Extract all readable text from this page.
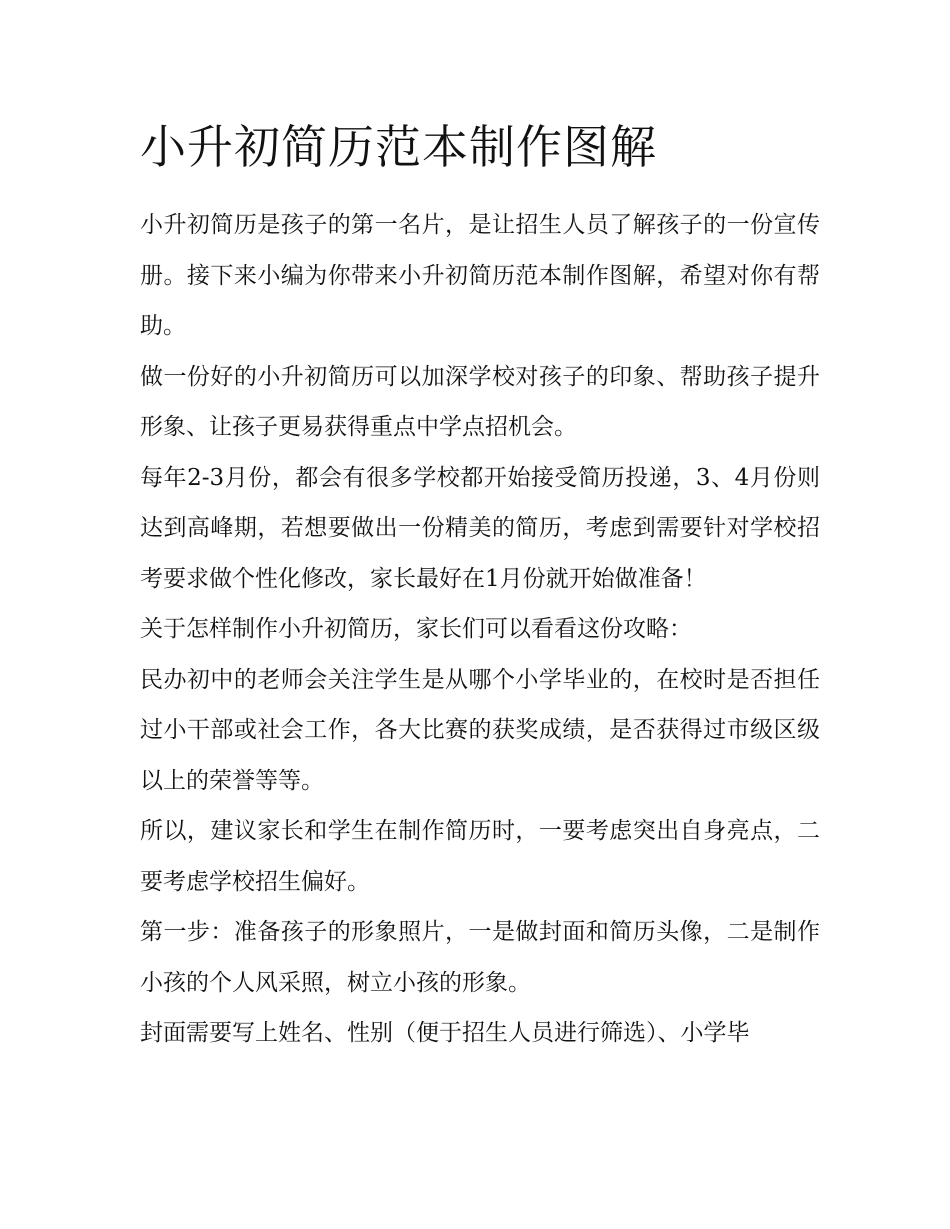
小升初简历范本制作图解

小升初简历是孩子的第一名片，是让招生人员了解孩子的一份宣传册。接下来小编为你带来小升初简历范本制作图解，希望对你有帮助。

做一份好的小升初简历可以加深学校对孩子的印象、帮助孩子提升形象、让孩子更易获得重点中学点招机会。

每年2-3月份，都会有很多学校都开始接受简历投递，3、4月份则达到高峰期，若想要做出一份精美的简历，考虑到需要针对学校招考要求做个性化修改，家长最好在1月份就开始做准备！

关于怎样制作小升初简历，家长们可以看看这份攻略：

民办初中的老师会关注学生是从哪个小学毕业的，在校时是否担任过小干部或社会工作，各大比赛的获奖成绩，是否获得过市级区级以上的荣誉等等。

所以，建议家长和学生在制作简历时，一要考虑突出自身亮点，二要考虑学校招生偏好。

第一步：准备孩子的形象照片，一是做封面和简历头像，二是制作小孩的个人风采照，树立小孩的形象。

封面需要写上姓名、性别（便于招生人员进行筛选）、小学毕
